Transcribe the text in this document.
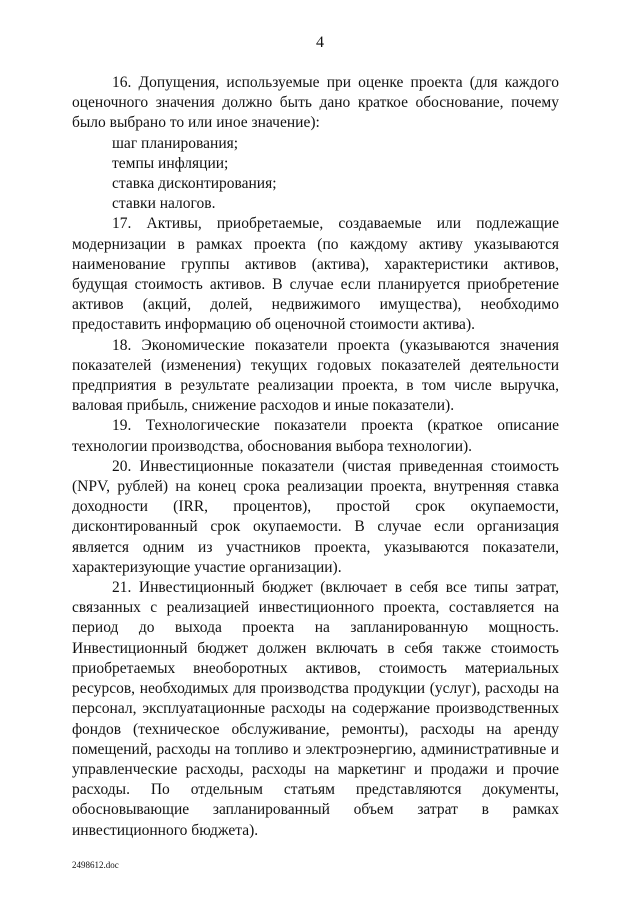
4

16. Допущения, используемые при оценке проекта (для каждого оценочного значения должно быть дано краткое обоснование, почему было выбрано то или иное значение):

шаг планирования;

темпы инфляции;

ставка дисконтирования;

ставки налогов.

17. Активы, приобретаемые, создаваемые или подлежащие модернизации в рамках проекта (по каждому активу указываются наименование группы активов (актива), характеристики активов, будущая стоимость активов. В случае если планируется приобретение активов (акций, долей, недвижимого имущества), необходимо предоставить информацию об оценочной стоимости актива).

18. Экономические показатели проекта (указываются значения показателей (изменения) текущих годовых показателей деятельности предприятия в результате реализации проекта, в том числе выручка, валовая прибыль, снижение расходов и иные показатели).

19. Технологические показатели проекта (краткое описание технологии производства, обоснования выбора технологии).

20. Инвестиционные показатели (чистая приведенная стоимость (NPV, рублей) на конец срока реализации проекта, внутренняя ставка доходности (IRR, процентов), простой срок окупаемости, дисконтированный срок окупаемости. В случае если организация является одним из участников проекта, указываются показатели, характеризующие участие организации).

21. Инвестиционный бюджет (включает в себя все типы затрат, связанных с реализацией инвестиционного проекта, составляется на период до выхода проекта на запланированную мощность. Инвестиционный бюджет должен включать в себя также стоимость приобретаемых внеоборотных активов, стоимость материальных ресурсов, необходимых для производства продукции (услуг), расходы на персонал, эксплуатационные расходы на содержание производственных фондов (техническое обслуживание, ремонты), расходы на аренду помещений, расходы на топливо и электроэнергию, административные и управленческие расходы, расходы на маркетинг и продажи и прочие расходы. По отдельным статьям представляются документы, обосновывающие запланированный объем затрат в рамках инвестиционного бюджета).

2498612.doc
